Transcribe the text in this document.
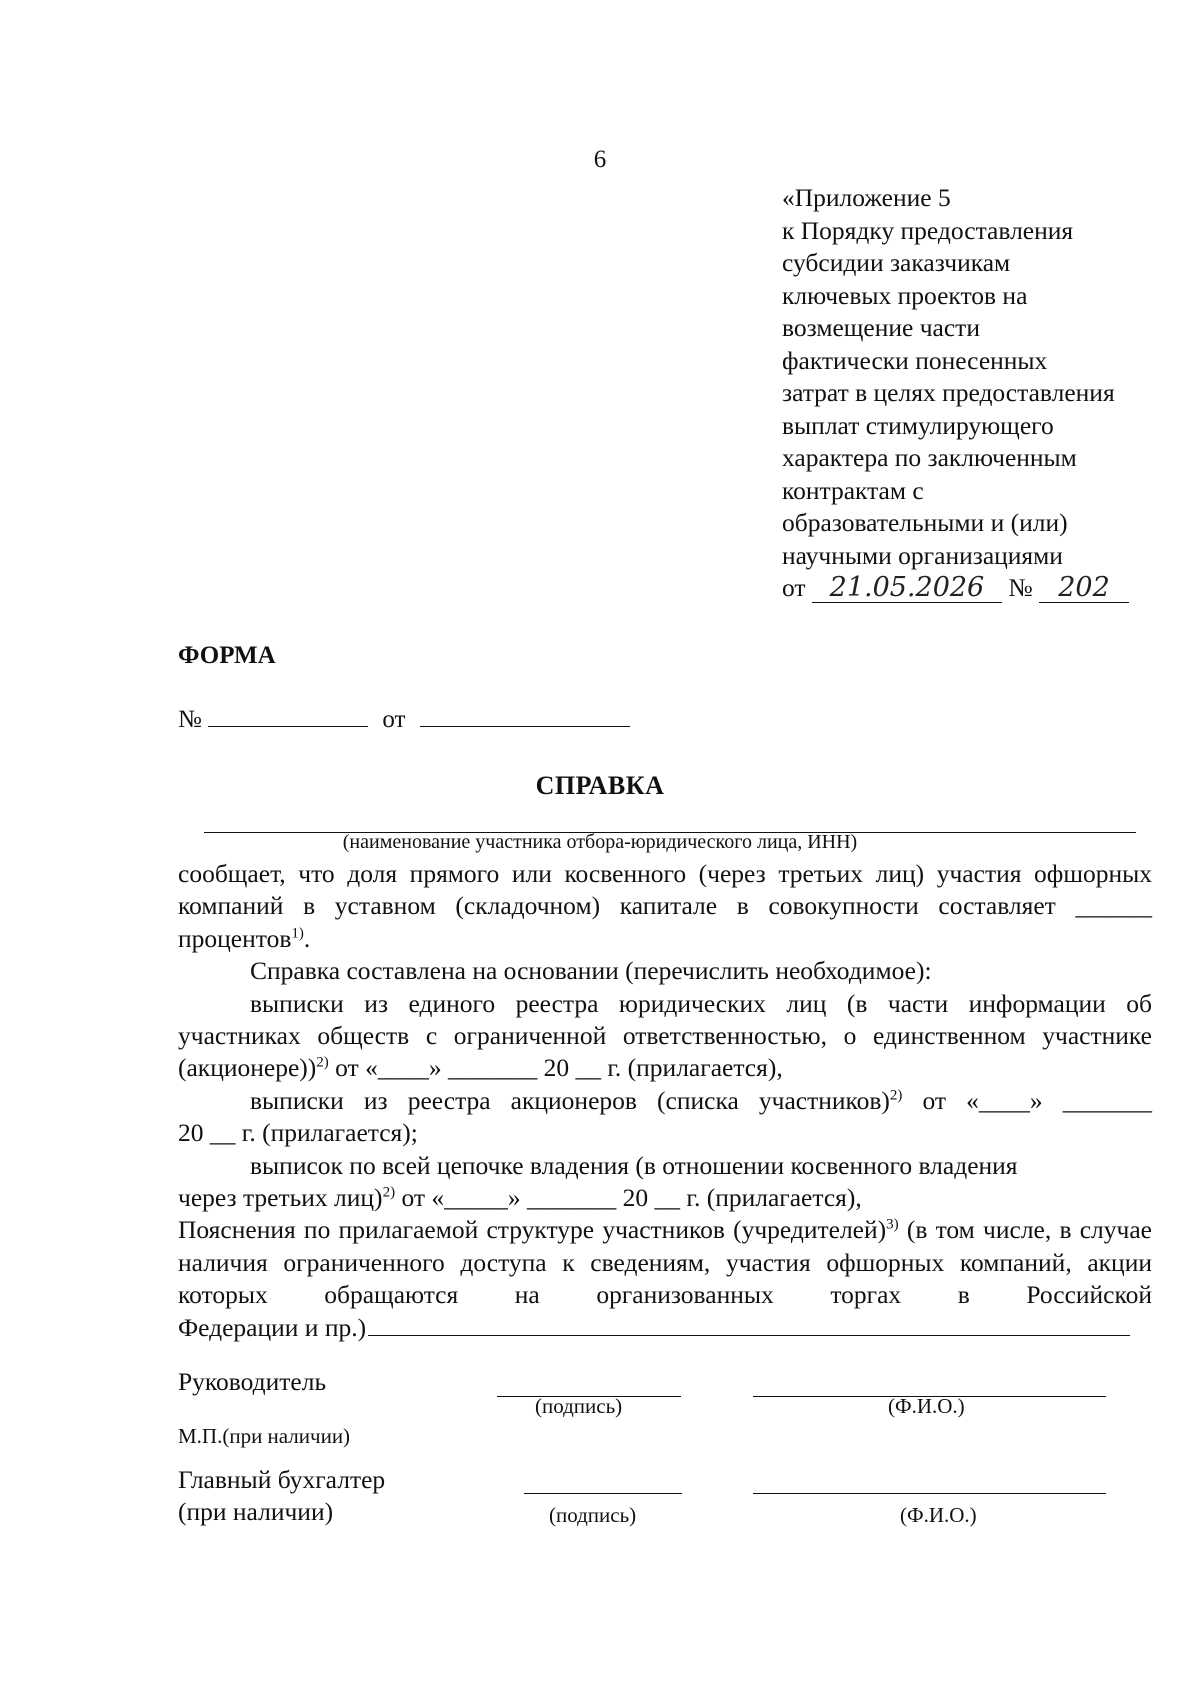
6
«Приложение 5
к Порядку предоставления
субсидии заказчикам
ключевых проектов на
возмещение части
фактически понесенных
затрат в целях предоставления
выплат стимулирующего
характера по заключенным
контрактам с
образовательными и (или)
научными организациями
от 21.05.2026 № 202
ФОРМА
№	от
СПРАВКА
(наименование участника отбора-юридического лица, ИНН)

сообщает, что доля прямого или косвенного (через третьих лиц) участия офшорных компаний в уставном (складочном) капитале в совокупности составляет ______ процентов$^{1)}$.

Справка составлена на основании (перечислить необходимое):

выписки из единого реестра юридических лиц (в части информации об участниках обществ с ограниченной ответственностью, о единственном участнике (акционере))$^{2)}$ от «____» _______ 20 __ г. (прилагается),

выписки из реестра акционеров (списка участников)$^{2)}$ от «____» _______

20 __ г. (прилагается);

выписок по всей цепочке владения (в отношении косвенного владения

через третьих лиц)$^{2)}$ от «_____» _______ 20 __ г. (прилагается),

Пояснения по прилагаемой структуре участников (учредителей)$^{3)}$ (в том числе, в случае наличия ограниченного доступа к сведениям, участия офшорных компаний, акции которых обращаются на организованных торгах в Российской

Федерации и пр.)

Руководитель
(подпись)	(Ф.И.О.)
М.П.(при наличии)
Главный бухгалтер
(при наличии)	(подпись)	(Ф.И.О.)
